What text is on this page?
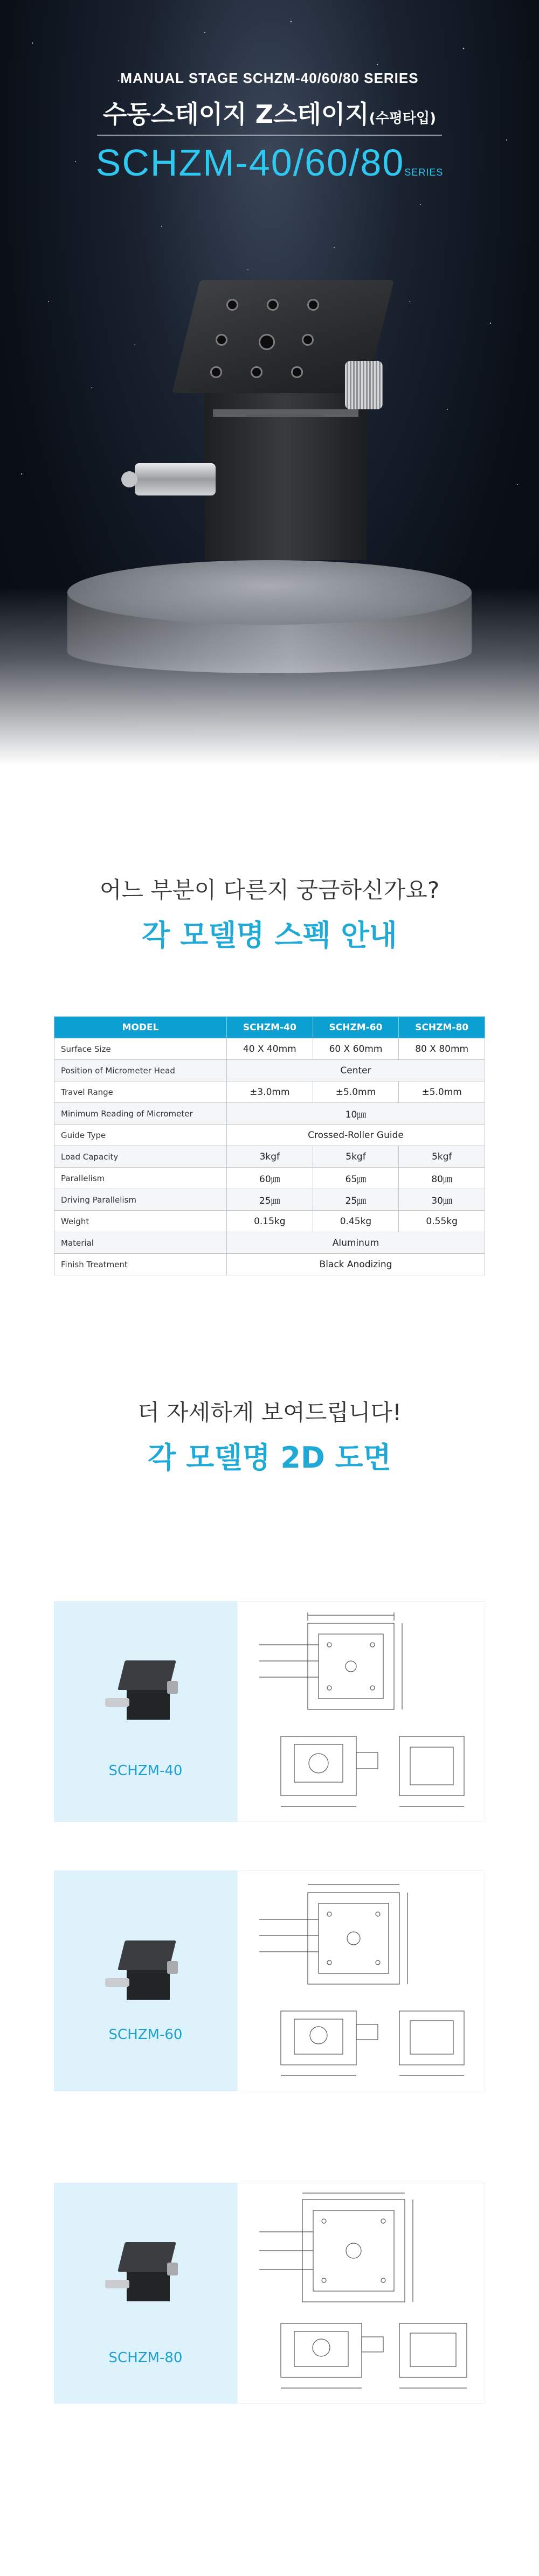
MANUAL STAGE SCHZM-40/60/80 SERIES
수동스테이지 Z스테이지(수평타입)
SCHZM-40/60/80SERIES
어느 부분이 다른지 궁금하신가요?
각 모델명 스펙 안내
MODEL	SCHZM-40	SCHZM-60	SCHZM-80
Surface Size	40 X 40mm	60 X 60mm	80 X 80mm
Position of Micrometer Head	Center		
Travel Range	±3.0mm	±5.0mm	±5.0mm
Minimum Reading of Micrometer	10㎛		
Guide Type	Crossed-Roller Guide		
Load Capacity	3kgf	5kgf	5kgf
Parallelism	60㎛	65㎛	80㎛
Driving Parallelism	25㎛	25㎛	30㎛
Weight	0.15kg	0.45kg	0.55kg
Material	Aluminum		
Finish Treatment	Black Anodizing		
더 자세하게 보여드립니다!
각 모델명 2D 도면
SCHZM-40
SCHZM-60
SCHZM-80
